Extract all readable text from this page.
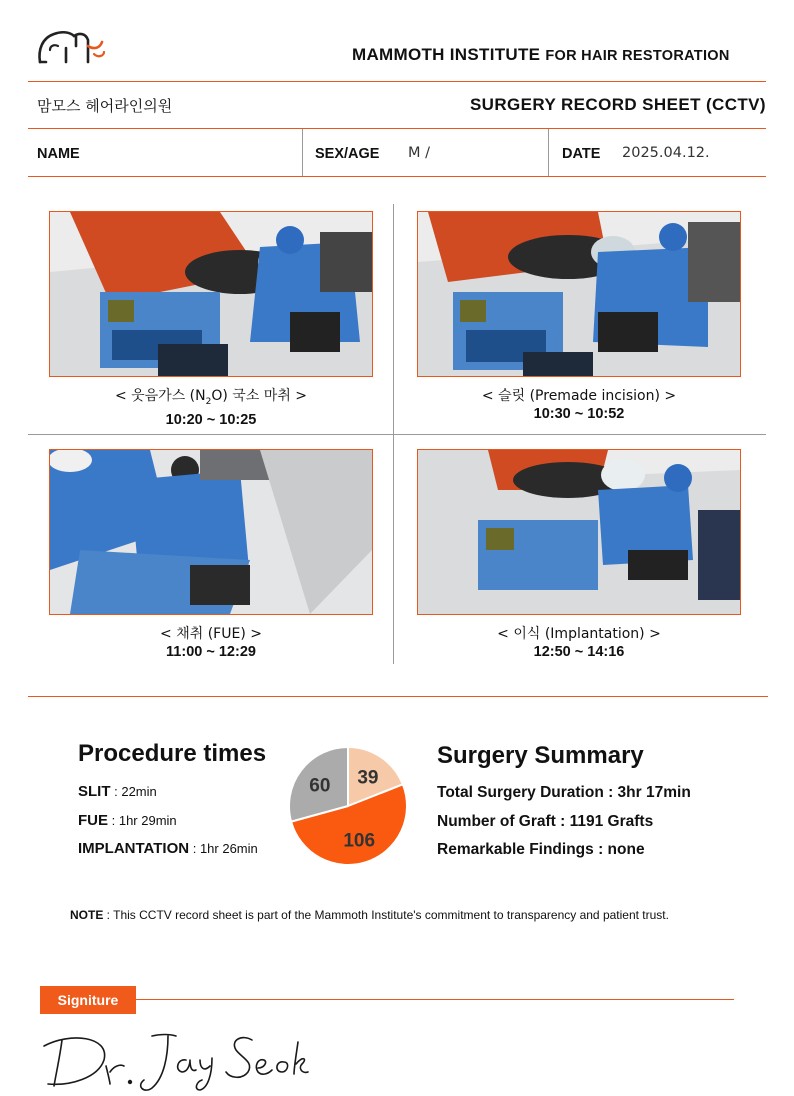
MAMMOTH INSTITUTE FOR HAIR RESTORATION
맘모스 헤어라인의원	SURGERY RECORD SHEET (CCTV)
NAME	SEX/AGE M /	DATE 2025.04.12.
< 웃음가스 $(N_2O)$ 국소 마취 >
10:20 ~ 10:25
< 슬릿 (Premade incision) >
10:30 ~ 10:52
< 채취 (FUE) >
11:00 ~ 12:29
< 이식 (Implantation) >
12:50 ~ 14:16
Procedure times
SLIT : 22min
FUE : 1hr 29min
IMPLANTATION : 1hr 26min
39
106
60
Surgery Summary
Total Surgery Duration : 3hr 17min
Number of Graft : 1191 Grafts
Remarkable Findings : none
NOTE : This CCTV record sheet is part of the Mammoth Institute's commitment to transparency and patient trust.
Signiture
